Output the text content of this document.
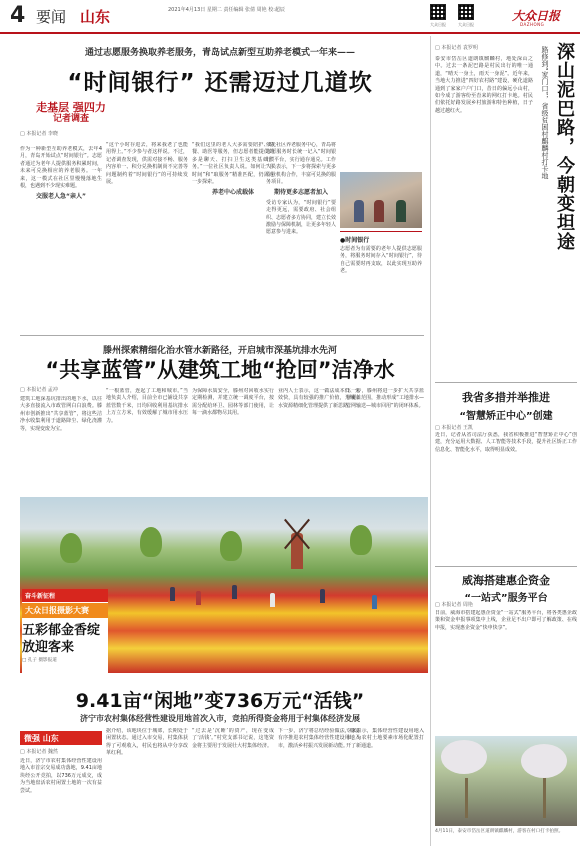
4 要闻 山东	2021年4月13日 星期二 责任编辑 张倩 周艳 校:超辰
大众日报	大众日报
大众日报
DAZHONG
通过志愿服务换取养老服务，青岛试点新型互助养老模式一年来——
“时间银行” 还需迈过几道坎
走基层 强四力
记者调查
□ 本报记者 李晓
作为一种新型互助养老模式，去年4月，青岛开始试点“时间银行”。志愿者通过为老年人提供服务积累时间，未来可兑换相应的养老服务。一年来，这一模式在社区里慢慢落地生根，也遇到不少现实难题。
交服老人急“亲人”
“这个小时存进去，将来我老了也能用得上。”不少参与者这样说。不过，记者调查发现，供需对接不畅、服务内容单一、积分兑换机制尚不完善等问题制约着“时间银行”的可持续发展。
“我们这里的老人大多需要陪护、助餐、助医等服务，但志愿者能提供的多是聊天、打扫卫生这类基础服务。”一位社区负责人说。如何让“存时间”和“取服务”精准匹配，仍需进一步探索。
养老中心成载体
依托社区养老服务中心，青岛将志愿服务时长统一记入“时间银行”平台，实行通存通兑。工作人员表示，下一步将探索与更多专业机构合作，丰富可兑换的服务项目。
期待更多志愿者加入
受访专家认为，“时间银行”要走得更远，需要政府、社会组织、志愿者多方协同，建立长效激励与保障机制，让更多年轻人愿意参与进来。
●时间银行
志愿者为有需要的老年人提供志愿服务，将服务时间存入“时间银行”，待自己需要时再支取，以此实现互助养老。
滕州探索精细化治水管水新路径，开启城市深基坑排水先河
“共享蓝管”从建筑工地“抢回”洁净水
□ 本报记者 孟冲
建筑工地深基坑排出的地下水，以往大多直接流入市政管网白白浪费。滕州市创新推出“共享蓝管”，将这些洁净水收集利用于道路降尘、绿化浇灌等，实现变废为宝。
“一根蓝管，连起了工地和城市。”当地负责人介绍，目前全市已铺设共享蓝管数千米，日均回收利用基坑排水上万立方米，有效缓解了城市用水压力。
为保障水质安全，滕州对回收水实行定期检测，并建立统一调度平台，按需分配给环卫、园林等部门使用，让每一滴水都物尽其用。
业内人士表示，这一做法成本低、见效快，具有较强的推广价值，为城市水资源精细化管理提供了新思路。
下一步，滕州将进一步扩大共享蓝管覆盖范围，推动形成“工地排水—管网输送—城市回用”的闭环体系。
奋斗新征程
大众日报摄影大赛
五彩郁金香绽放迎客来
□ 孔子 摄影报道
9.41亩“闲地”变736万元“活钱”
济宁市农村集体经营性建设用地首次入市，竞拍所得资金将用于村集体经济发展
微强 山东
□ 本报记者 魏然
近日，济宁市农村集体经营性建设用地入市首宗交易成功落地，9.41亩地块经公开竞拍，以736万元成交，成为当地盘活农村闲置土地的一次有益尝试。
据介绍，该地块位于城郊，长期处于闲置状态。通过入市交易，村集体获得了可观收入，村民也将从中分享改革红利。
“过去是‘沉睡’的资产，现在变成了‘活钱’。”村党支部书记说，这笔资金将主要用于发展壮大村集体经济。
下一步，济宁将总结经验做法，稳妥有序推进农村集体经营性建设用地入市，激活乡村振兴发展新动能。
专家表示，集体经营性建设用地入市，为农村土地要素市场化配置打开了新通道。
深山泥巴路，今朝变坦途
路修到“家门口”，省级贫困村麒麟村打卡地
□ 本报记者 袁罗明
泰安市岱岳区道朗镇麒麟村，地处深山之中。过去一条泥巴路是村民出行的唯一通道，“晴天一身土，雨天一身泥”。近年来，当地大力推进“四好农村路”建设，硬化道路通到了家家户户门口，昔日的偏远小山村，如今成了游客纷至沓来的网红打卡地。村民们依托好路发展乡村旅游和特色种植，日子越过越红火。
我省多措并举推进
“智慧矫正中心”创建
□ 本报记者 王凯
近日，记者从省司法厅获悉，我省积极推进“智慧矫正中心”创建，充分运用大数据、人工智能等技术手段，提升社区矫正工作信息化、智能化水平，取得明显成效。
威海搭建惠企资金
“一站式”服务平台
□ 本报记者 周艳
日前，威海市搭建起惠企资金“一站式”服务平台，将各类惠企政策和资金申报事项集中上线，企业足不出户即可了解政策、在线申报，实现惠企资金“快申快享”。
4月11日，泰安市岱岳区道朗镇麒麟村，游客在村口打卡拍照。
